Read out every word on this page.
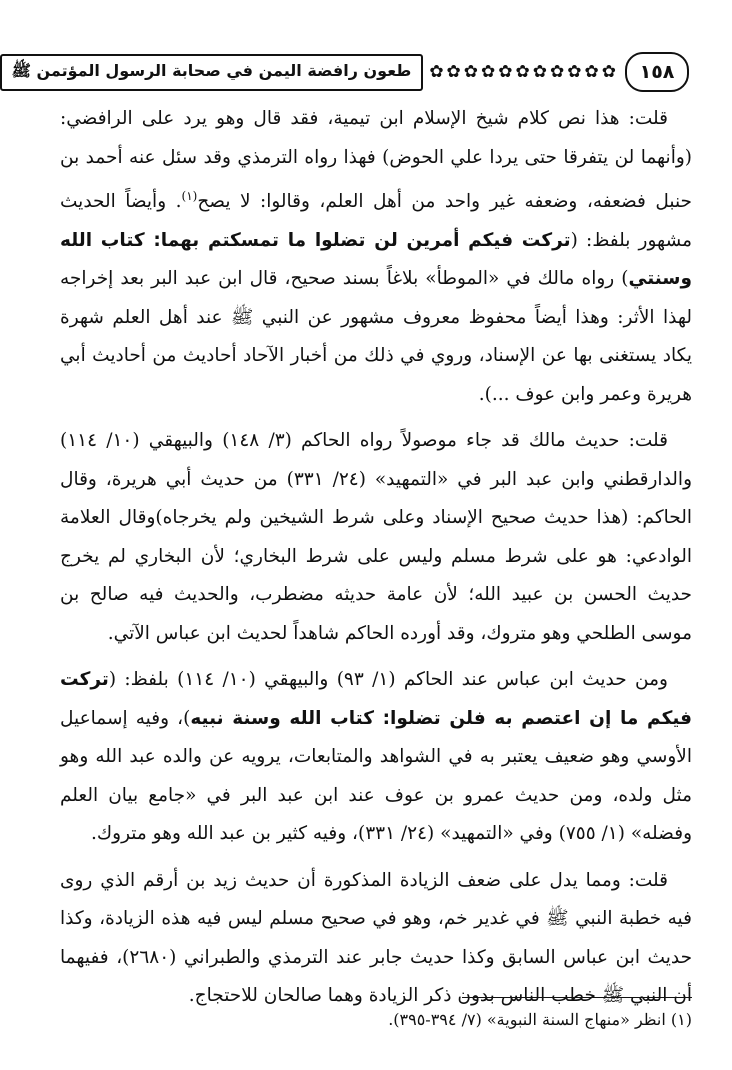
١٥٨
✿✿✿✿✿✿✿✿✿✿✿
طعون رافضة اليمن في صحابة الرسول المؤتمن ﷺ

قلت: هذا نص كلام شيخ الإسلام ابن تيمية، فقد قال وهو يرد على الرافضي: (وأنهما لن يتفرقا حتى يردا علي الحوض) فهذا رواه الترمذي وقد سئل عنه أحمد بن حنبل فضعفه، وضعفه غير واحد من أهل العلم، وقالوا: لا يصح$^{(١)}$. وأيضاً الحديث مشهور بلفظ: (تركت فيكم أمرين لن تضلوا ما تمسكتم بهما: كتاب الله وسنتي) رواه مالك في «الموطأ» بلاغاً بسند صحيح، قال ابن عبد البر بعد إخراجه لهذا الأثر: وهذا أيضاً محفوظ معروف مشهور عن النبي ﷺ عند أهل العلم شهرة يكاد يستغنى بها عن الإسناد، وروي في ذلك من أخبار الآحاد أحاديث من أحاديث أبي هريرة وعمر وابن عوف ...).

قلت: حديث مالك قد جاء موصولاً رواه الحاكم (٣/ ١٤٨) والبيهقي (١٠/ ١١٤) والدارقطني وابن عبد البر في «التمهيد» (٢٤/ ٣٣١) من حديث أبي هريرة، وقال الحاكم: (هذا حديث صحيح الإسناد وعلى شرط الشيخين ولم يخرجاه)وقال العلامة الوادعي: هو على شرط مسلم وليس على شرط البخاري؛ لأن البخاري لم يخرج حديث الحسن بن عبيد الله؛ لأن عامة حديثه مضطرب، والحديث فيه صالح بن موسى الطلحي وهو متروك، وقد أورده الحاكم شاهداً لحديث ابن عباس الآتي.

ومن حديث ابن عباس عند الحاكم (١/ ٩٣) والبيهقي (١٠/ ١١٤) بلفظ: (تركت فيكم ما إن اعتصم به فلن تضلوا: كتاب الله وسنة نبيه)، وفيه إسماعيل الأوسي وهو ضعيف يعتبر به في الشواهد والمتابعات، يرويه عن والده عبد الله وهو مثل ولده، ومن حديث عمرو بن عوف عند ابن عبد البر في «جامع بيان العلم وفضله» (١/ ٧٥٥) وفي «التمهيد» (٢٤/ ٣٣١)، وفيه كثير بن عبد الله وهو متروك.

قلت: ومما يدل على ضعف الزيادة المذكورة أن حديث زيد بن أرقم الذي روى فيه خطبة النبي ﷺ في غدير خم، وهو في صحيح مسلم ليس فيه هذه الزيادة، وكذا حديث ابن عباس السابق وكذا حديث جابر عند الترمذي والطبراني (٢٦٨٠)، ففيهما أن النبي ﷺ خطب الناس بدون ذكر الزيادة وهما صالحان للاحتجاج.

(١) انظر «منهاج السنة النبوية» (٧/ ٣٩٤-٣٩٥).
